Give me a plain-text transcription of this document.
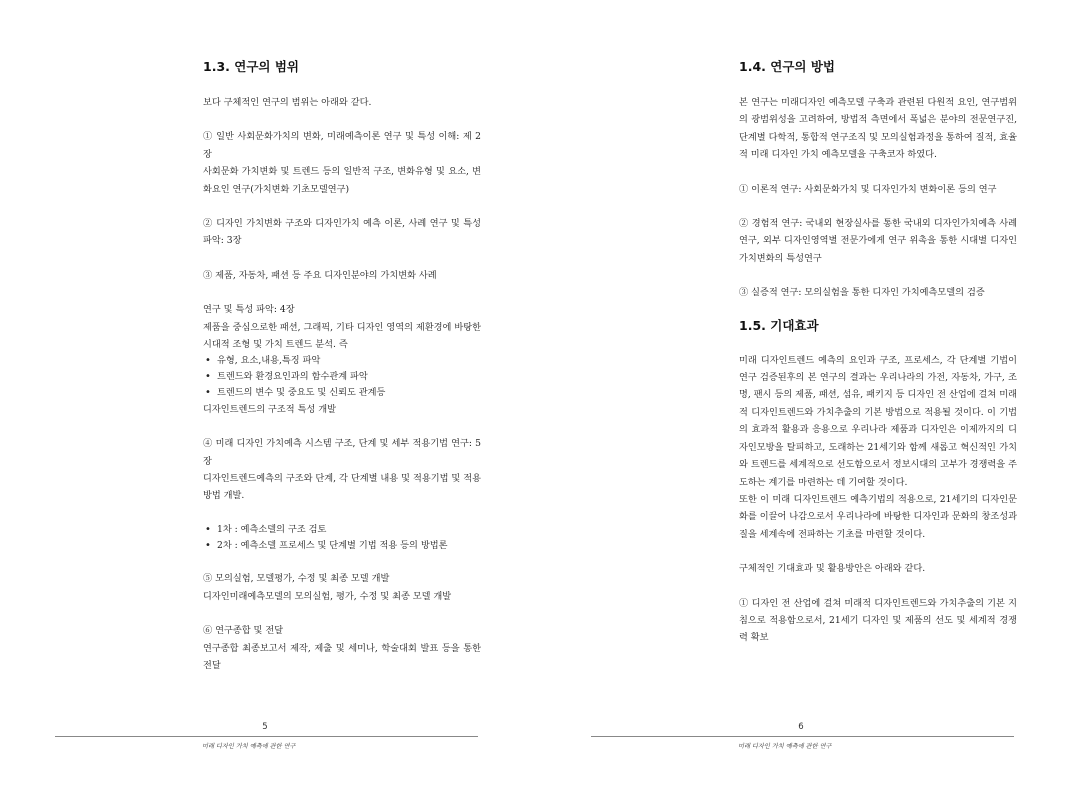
1.3. 연구의 범위

보다 구체적인 연구의 범위는 아래와 같다.

① 일반 사회문화가치의 변화, 미래예측이론 연구 및 특성 이해: 제 2장

사회문화 가치변화 및 트렌드 등의 일반적 구조, 변화유형 및 요소, 변화요인 연구(가치변화 기초모델연구)

② 디자인 가치변화 구조와 디자인가치 예측 이론, 사례 연구 및 특성 파악: 3장

③ 제품, 자동차, 패션 등 주요 디자인분야의 가치변화 사례

연구 및 특성 파악: 4장

제품을 중심으로한 패션, 그래픽, 기타 디자인 영역의 제환경에 바탕한 시대적 조형 및 가치 트렌드 분석. 즉

• 유형, 요소,내용,특징 파악
• 트렌드와 환경요인과의 함수관계 파악
• 트렌드의 변수 및 중요도 및 신뢰도 관계등

디자인트렌드의 구조적 특성 개발

④ 미래 디자인 가치예측 시스템 구조, 단계 및 세부 적용기법 연구: 5장

디자인트렌드예측의 구조와 단계, 각 단계별 내용 및 적용기법 및 적용방법 개발.

• 1차 : 예측소델의 구조 검토
• 2차 : 예측소델 프로세스 및 단계별 기법 적용 등의 방법론

⑤ 모의실험, 모델평가, 수정 및 최종 모델 개발

디자인미래예측모델의 모의실험, 평가, 수정 및 최종 모델 개발

⑥ 연구종합 및 전달

연구종합 최종보고서 제작, 제출 및 세미나, 학술대회 발표 등을 통한 전달

5
미래 디자인 가치 예측에 관한 연구
1.4. 연구의 방법

본 연구는 미래디자인 예측모델 구축과 관련된 다원적 요인, 연구범위의 광범위성을 고려하여, 방법적 측면에서 폭넓은 분야의 전문연구진, 단계별 다학적, 통합적 연구조직 및 모의실험과정을 통하여 질적, 효율적 미래 디자인 가치 예측모델을 구축코자 하였다.

① 이론적 연구: 사회문화가치 및 디자인가치 변화이론 등의 연구

② 경험적 연구: 국내외 현장실사를 통한 국내외 디자인가치예측 사례연구, 외부 디자인영역별 전문가에게 연구 위촉을 통한 시대별 디자인가치변화의 특성연구

③ 실증적 연구: 모의실험을 통한 디자인 가치예측모델의 검증

1.5. 기대효과

미래 디자인트렌드 예측의 요인과 구조, 프로세스, 각 단계별 기법이 연구 검증된후의 본 연구의 결과는 우리나라의 가전, 자동차, 가구, 조명, 팬시 등의 제품, 패션, 섬유, 패키지 등 디자인 전 산업에 걸쳐 미래적 디자인트렌드와 가치추출의 기본 방법으로 적용될 것이다. 이 기법의 효과적 활용과 응용으로 우리나라 제품과 디자인은 이제까지의 디자인모방을 탈피하고, 도래하는 21세기와 함께 새롭고 혁신적인 가치와 트렌드를 세계적으로 선도함으로서 정보시대의 고부가 경쟁력을 주도하는 계기를 마련하는 데 기여할 것이다.

또한 이 미래 디자인트렌드 예측기법의 적용으로, 21세기의 디자인문화를 이끌어 나감으로서 우리나라에 바탕한 디자인과 문화의 창조성과 질을 세계속에 전파하는 기초를 마련할 것이다.

구체적인 기대효과 및 활용방안은 아래와 같다.

① 디자인 전 산업에 걸쳐 미래적 디자인트렌드와 가치추출의 기본 지침으로 적용함으로서, 21세기 디자인 및 제품의 선도 및 세계적 경쟁력 확보

6
미래 디자인 가치 예측에 관한 연구
